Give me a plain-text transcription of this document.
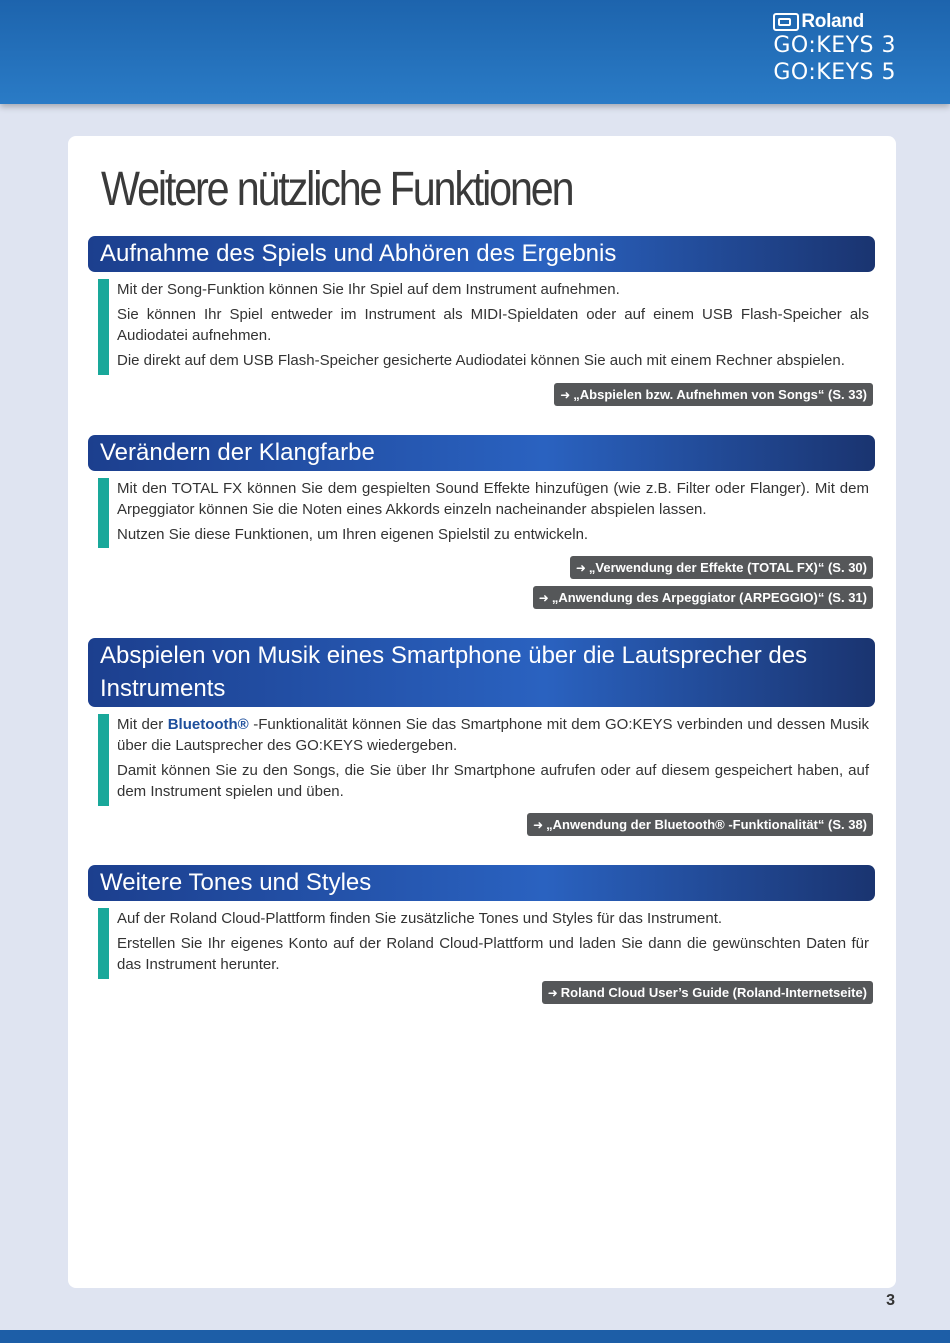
Roland
GO:KEYS 3
GO:KEYS 5
Weitere nützliche Funktionen
Aufnahme des Spiels und Abhören des Ergebnis

Mit der Song-Funktion können Sie Ihr Spiel auf dem Instrument aufnehmen.

Sie können Ihr Spiel entweder im Instrument als MIDI-Spieldaten oder auf einem USB Flash-Speicher als Audiodatei aufnehmen.

Die direkt auf dem USB Flash-Speicher gesicherte Audiodatei können Sie auch mit einem Rechner abspielen.

➜ „Abspielen bzw. Aufnehmen von Songs“ (S. 33)
Verändern der Klangfarbe

Mit den TOTAL FX können Sie dem gespielten Sound Effekte hinzufügen (wie z.B. Filter oder Flanger). Mit dem Arpeggiator können Sie die Noten eines Akkords einzeln nacheinander abspielen lassen.

Nutzen Sie diese Funktionen, um Ihren eigenen Spielstil zu entwickeln.

➜ „Verwendung der Effekte (TOTAL FX)“ (S. 30)
➜ „Anwendung des Arpeggiator (ARPEGGIO)“ (S. 31)
Abspielen von Musik eines Smartphone über die Lautsprecher des Instruments

Mit der Bluetooth® -Funktionalität können Sie das Smartphone mit dem GO:KEYS verbinden und dessen Musik über die Lautsprecher des GO:KEYS wiedergeben.

Damit können Sie zu den Songs, die Sie über Ihr Smartphone aufrufen oder auf diesem gespeichert haben, auf dem Instrument spielen und üben.

➜ „Anwendung der Bluetooth® -Funktionalität“ (S. 38)
Weitere Tones und Styles

Auf der Roland Cloud-Plattform finden Sie zusätzliche Tones und Styles für das Instrument.

Erstellen Sie Ihr eigenes Konto auf der Roland Cloud-Plattform und laden Sie dann die gewünschten Daten für das Instrument herunter.

➜ Roland Cloud User’s Guide (Roland-Internetseite)
3
